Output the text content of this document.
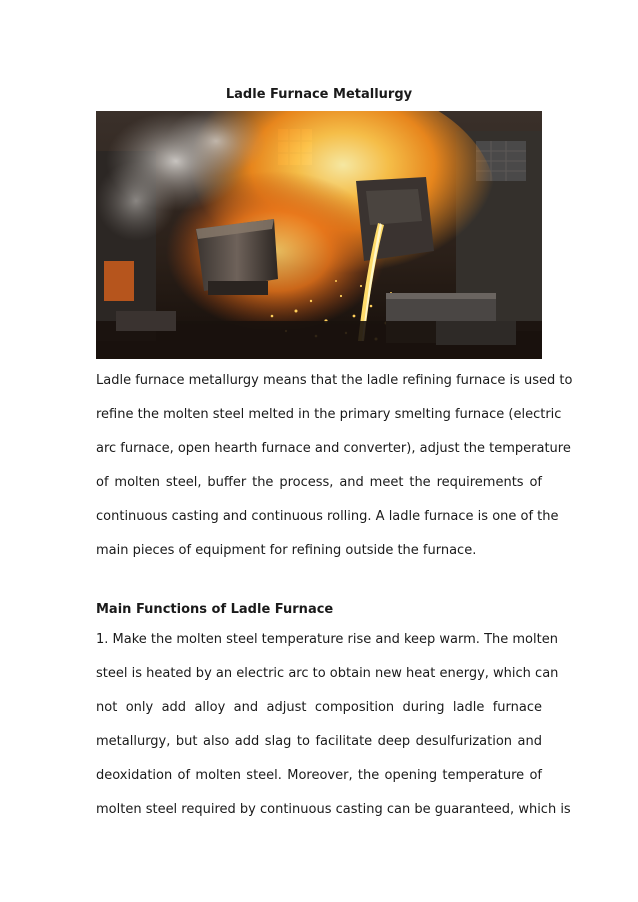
Ladle Furnace Metallurgy
Ladle furnace metallurgy means that the ladle refining furnace is used to
refine the molten steel melted in the primary smelting furnace (electric
arc furnace, open hearth furnace and converter), adjust the temperature
of molten steel, buffer the process, and meet the requirements of
continuous casting and continuous rolling. A ladle furnace is one of the
main pieces of equipment for refining outside the furnace.
Main Functions of Ladle Furnace
1. Make the molten steel temperature rise and keep warm. The molten
steel is heated by an electric arc to obtain new heat energy, which can
not only add alloy and adjust composition during ladle furnace
metallurgy, but also add slag to facilitate deep desulfurization and
deoxidation of molten steel. Moreover, the opening temperature of
molten steel required by continuous casting can be guaranteed, which is
